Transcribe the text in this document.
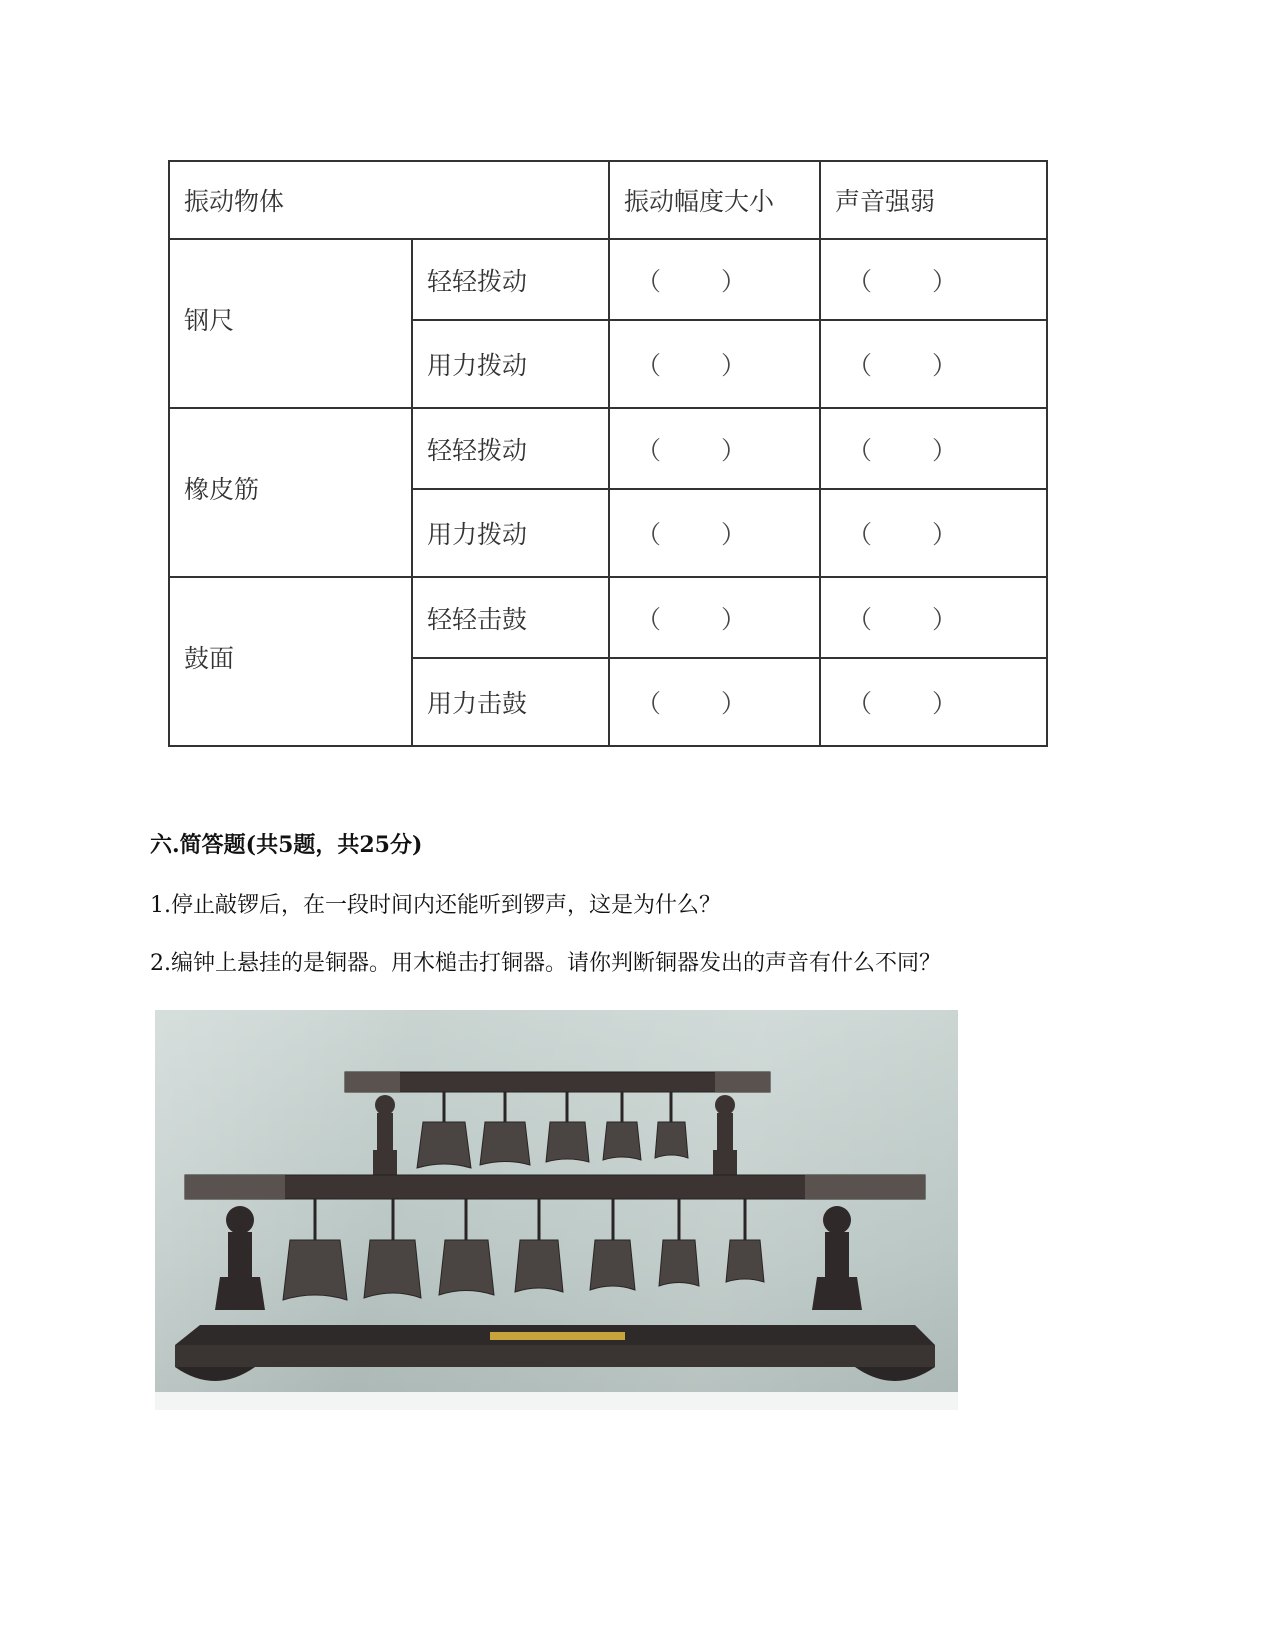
振动物体		振动幅度大小	声音强弱
钢尺	轻轻拨动	（ ）	（ ）

	用力拨动	（ ）	（ ）

橡皮筋	轻轻拨动	（ ）	（ ）

	用力拨动	（ ）	（ ）

鼓面	轻轻击鼓	（ ）	（ ）

	用力击鼓	（ ）	（ ）
六.简答题(共5题，共25分)
1.停止敲锣后，在一段时间内还能听到锣声，这是为什么？
2.编钟上悬挂的是铜器。用木槌击打铜器。请你判断铜器发出的声音有什么不同？
